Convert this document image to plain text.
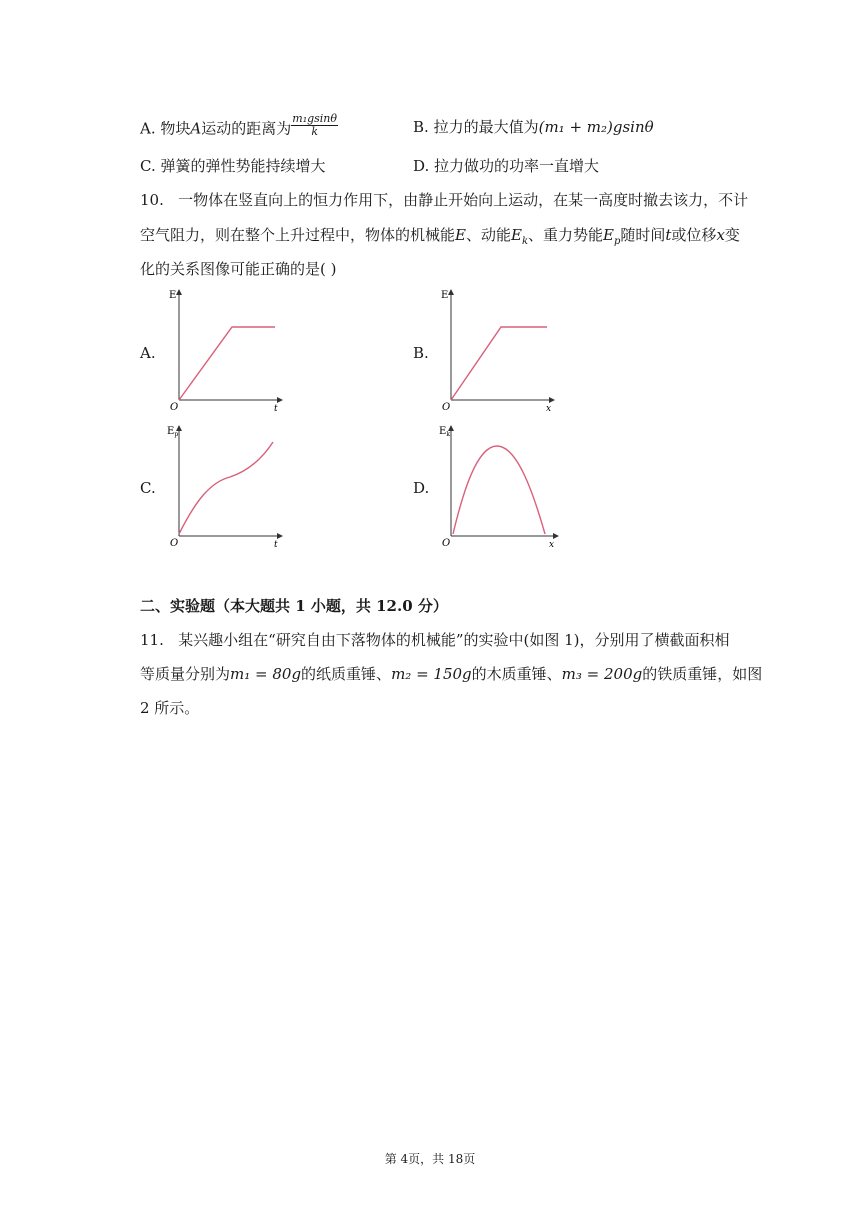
A. 物块A运动的距离为 $\frac{\text{m₁gsinθ}}{k}$	B. 拉力的最大值为(m₁ + m₂)gsinθ
C. 弹簧的弹性势能持续增大	D. 拉力做功的功率一直增大
10. 一物体在竖直向上的恒力作用下，由静止开始向上运动，在某一高度时撤去该力，不计
空气阻力，则在整个上升过程中，物体的机械能E、动能$E_k$、重力势能$E_p$随时间t或位移x变
化的关系图像可能正确的是( )
A.	B.
C.	D.
E
t
O
E
x
O
$E_p$
t
O
$E_k$
x
O
二、实验题（本大题共 1 小题，共 12.0 分）
11. 某兴趣小组在“研究自由下落物体的机械能”的实验中(如图 1)，分别用了横截面积相
等质量分别为m₁ = 80g的纸质重锤、m₂ = 150g的木质重锤、m₃ = 200g的铁质重锤，如图
2 所示。
第 4页，共 18页
